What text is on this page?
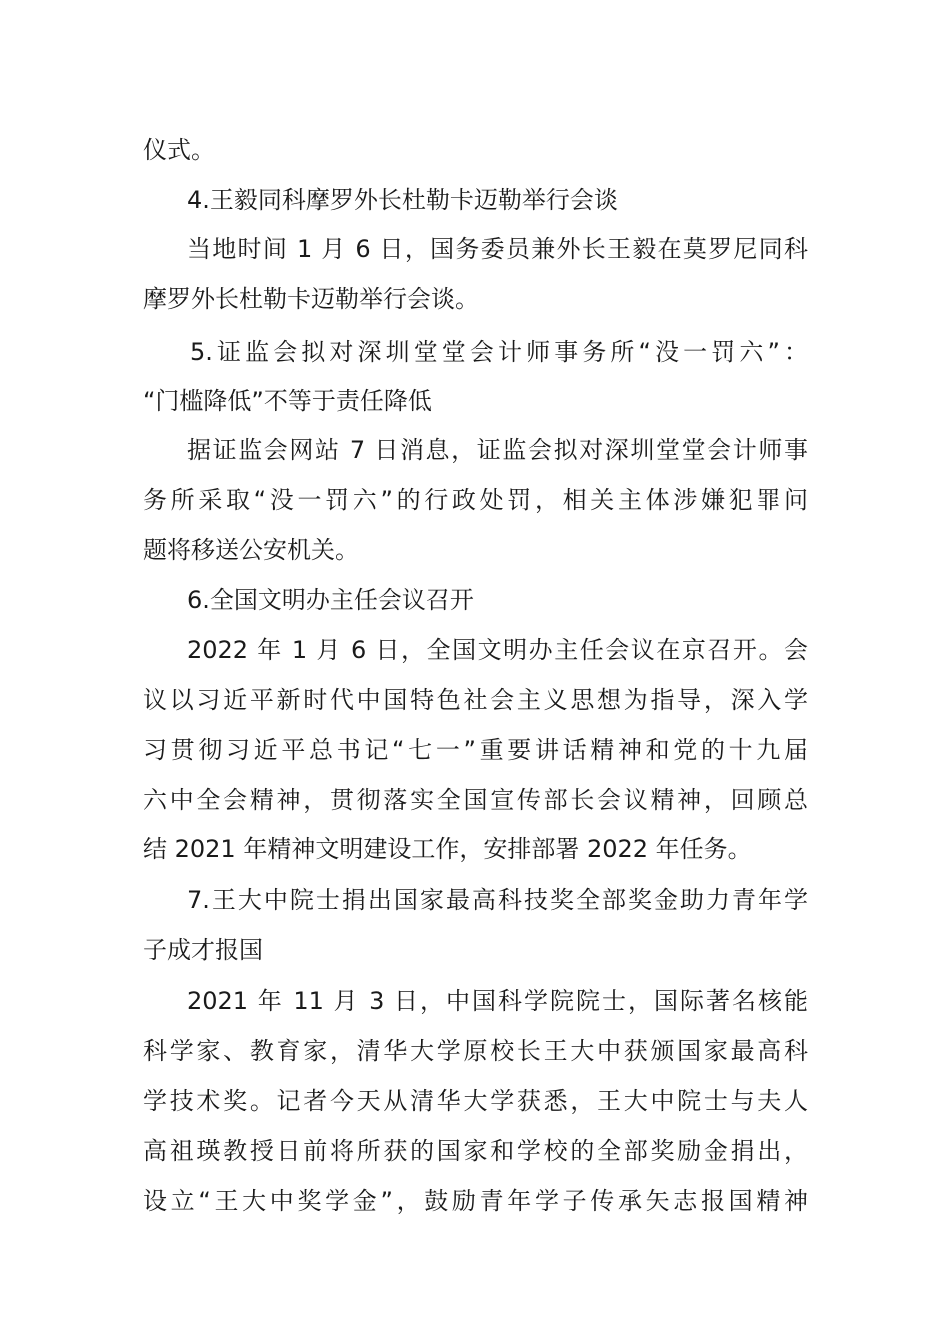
仪式。
4.王毅同科摩罗外长杜勒卡迈勒举行会谈
当地时间 1 月 6 日，国务委员兼外长王毅在莫罗尼同科
摩罗外长杜勒卡迈勒举行会谈。
5.证监会拟对深圳堂堂会计师事务所“没一罚六”：
“门槛降低”不等于责任降低
据证监会网站 7 日消息，证监会拟对深圳堂堂会计师事
务所采取“没一罚六”的行政处罚，相关主体涉嫌犯罪问
题将移送公安机关。
6.全国文明办主任会议召开
2022 年 1 月 6 日，全国文明办主任会议在京召开。会
议以习近平新时代中国特色社会主义思想为指导，深入学
习贯彻习近平总书记“七一”重要讲话精神和党的十九届
六中全会精神，贯彻落实全国宣传部长会议精神，回顾总
结 2021 年精神文明建设工作，安排部署 2022 年任务。
7.王大中院士捐出国家最高科技奖全部奖金助力青年学
子成才报国
2021 年 11 月 3 日，中国科学院院士，国际著名核能
科学家、教育家，清华大学原校长王大中获颁国家最高科
学技术奖。记者今天从清华大学获悉，王大中院士与夫人
高祖瑛教授日前将所获的国家和学校的全部奖励金捐出，
设立“王大中奖学金”，鼓励青年学子传承矢志报国精神
